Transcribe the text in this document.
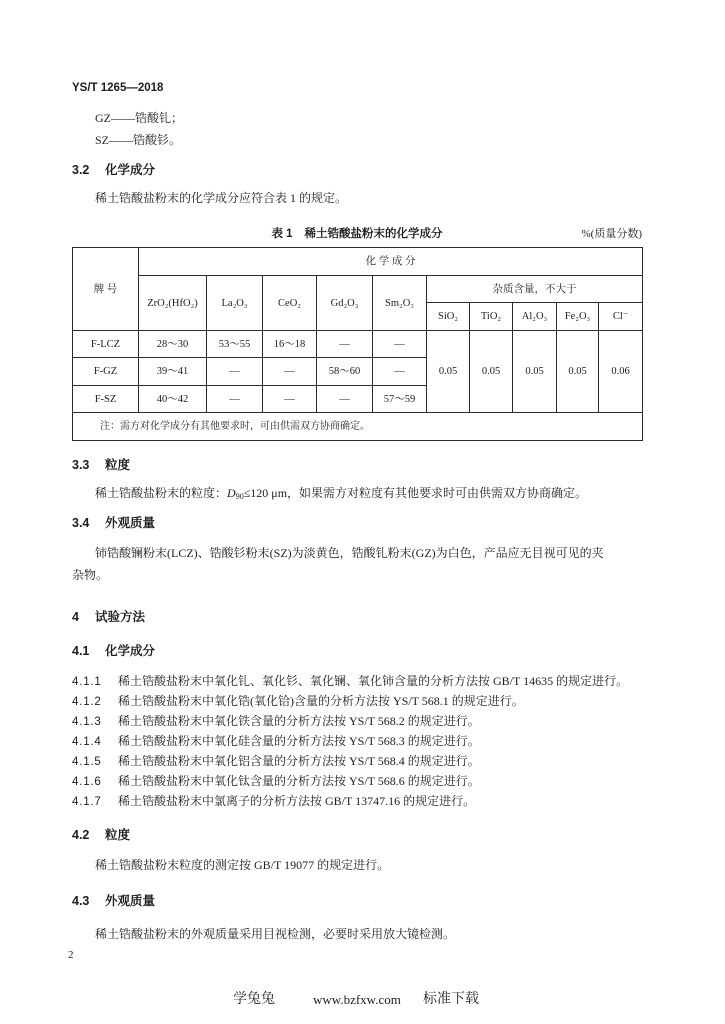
YS/T 1265—2018
GZ——锆酸钆；
SZ——锆酸钐。
3.2 化学成分
稀土锆酸盐粉末的化学成分应符合表 1 的规定。
表 1 稀土锆酸盐粉末的化学成分	%(质量分数)
牌 号	化 学 成 分									
	ZrO₂(HfO₂)	La₂O₃	CeO₂	Gd₂O₃	Sm₂O₃	杂质含量，不大于				
						SiO₂	TiO₂	Al₂O₃	Fe₂O₃	Cl⁻
F-LCZ	28～30	53～55	16～18	—	—	0.05	0.05	0.05	0.05	0.06
F-GZ	39～41	—	—	58～60	—					
F-SZ	40～42	—	—	—	57～59					
注：需方对化学成分有其他要求时，可由供需双方协商确定。										
3.3 粒度
稀土锆酸盐粉末的粒度：$D_{90}\le 120$ μm，如果需方对粒度有其他要求时可由供需双方协商确定。
3.4 外观质量
铈锆酸镧粉末(LCZ)、锆酸钐粉末(SZ)为淡黄色，锆酸钆粉末(GZ)为白色，产品应无目视可见的夹
杂物。
4 试验方法
4.1 化学成分
4.1.1 稀土锆酸盐粉末中氧化钆、氧化钐、氧化镧、氧化铈含量的分析方法按 GB/T 14635 的规定进行。
4.1.2 稀土锆酸盐粉末中氧化锆(氧化铪)含量的分析方法按 YS/T 568.1 的规定进行。
4.1.3 稀土锆酸盐粉末中氧化铁含量的分析方法按 YS/T 568.2 的规定进行。
4.1.4 稀土锆酸盐粉末中氧化硅含量的分析方法按 YS/T 568.3 的规定进行。
4.1.5 稀土锆酸盐粉末中氧化铝含量的分析方法按 YS/T 568.4 的规定进行。
4.1.6 稀土锆酸盐粉末中氧化钛含量的分析方法按 YS/T 568.6 的规定进行。
4.1.7 稀土锆酸盐粉末中氯离子的分析方法按 GB/T 13747.16 的规定进行。
4.2 粒度
稀土锆酸盐粉末粒度的测定按 GB/T 19077 的规定进行。
4.3 外观质量
稀土锆酸盐粉末的外观质量采用目视检测，必要时采用放大镜检测。
2
学兔兔	www.bzfxw.com 标准下载
